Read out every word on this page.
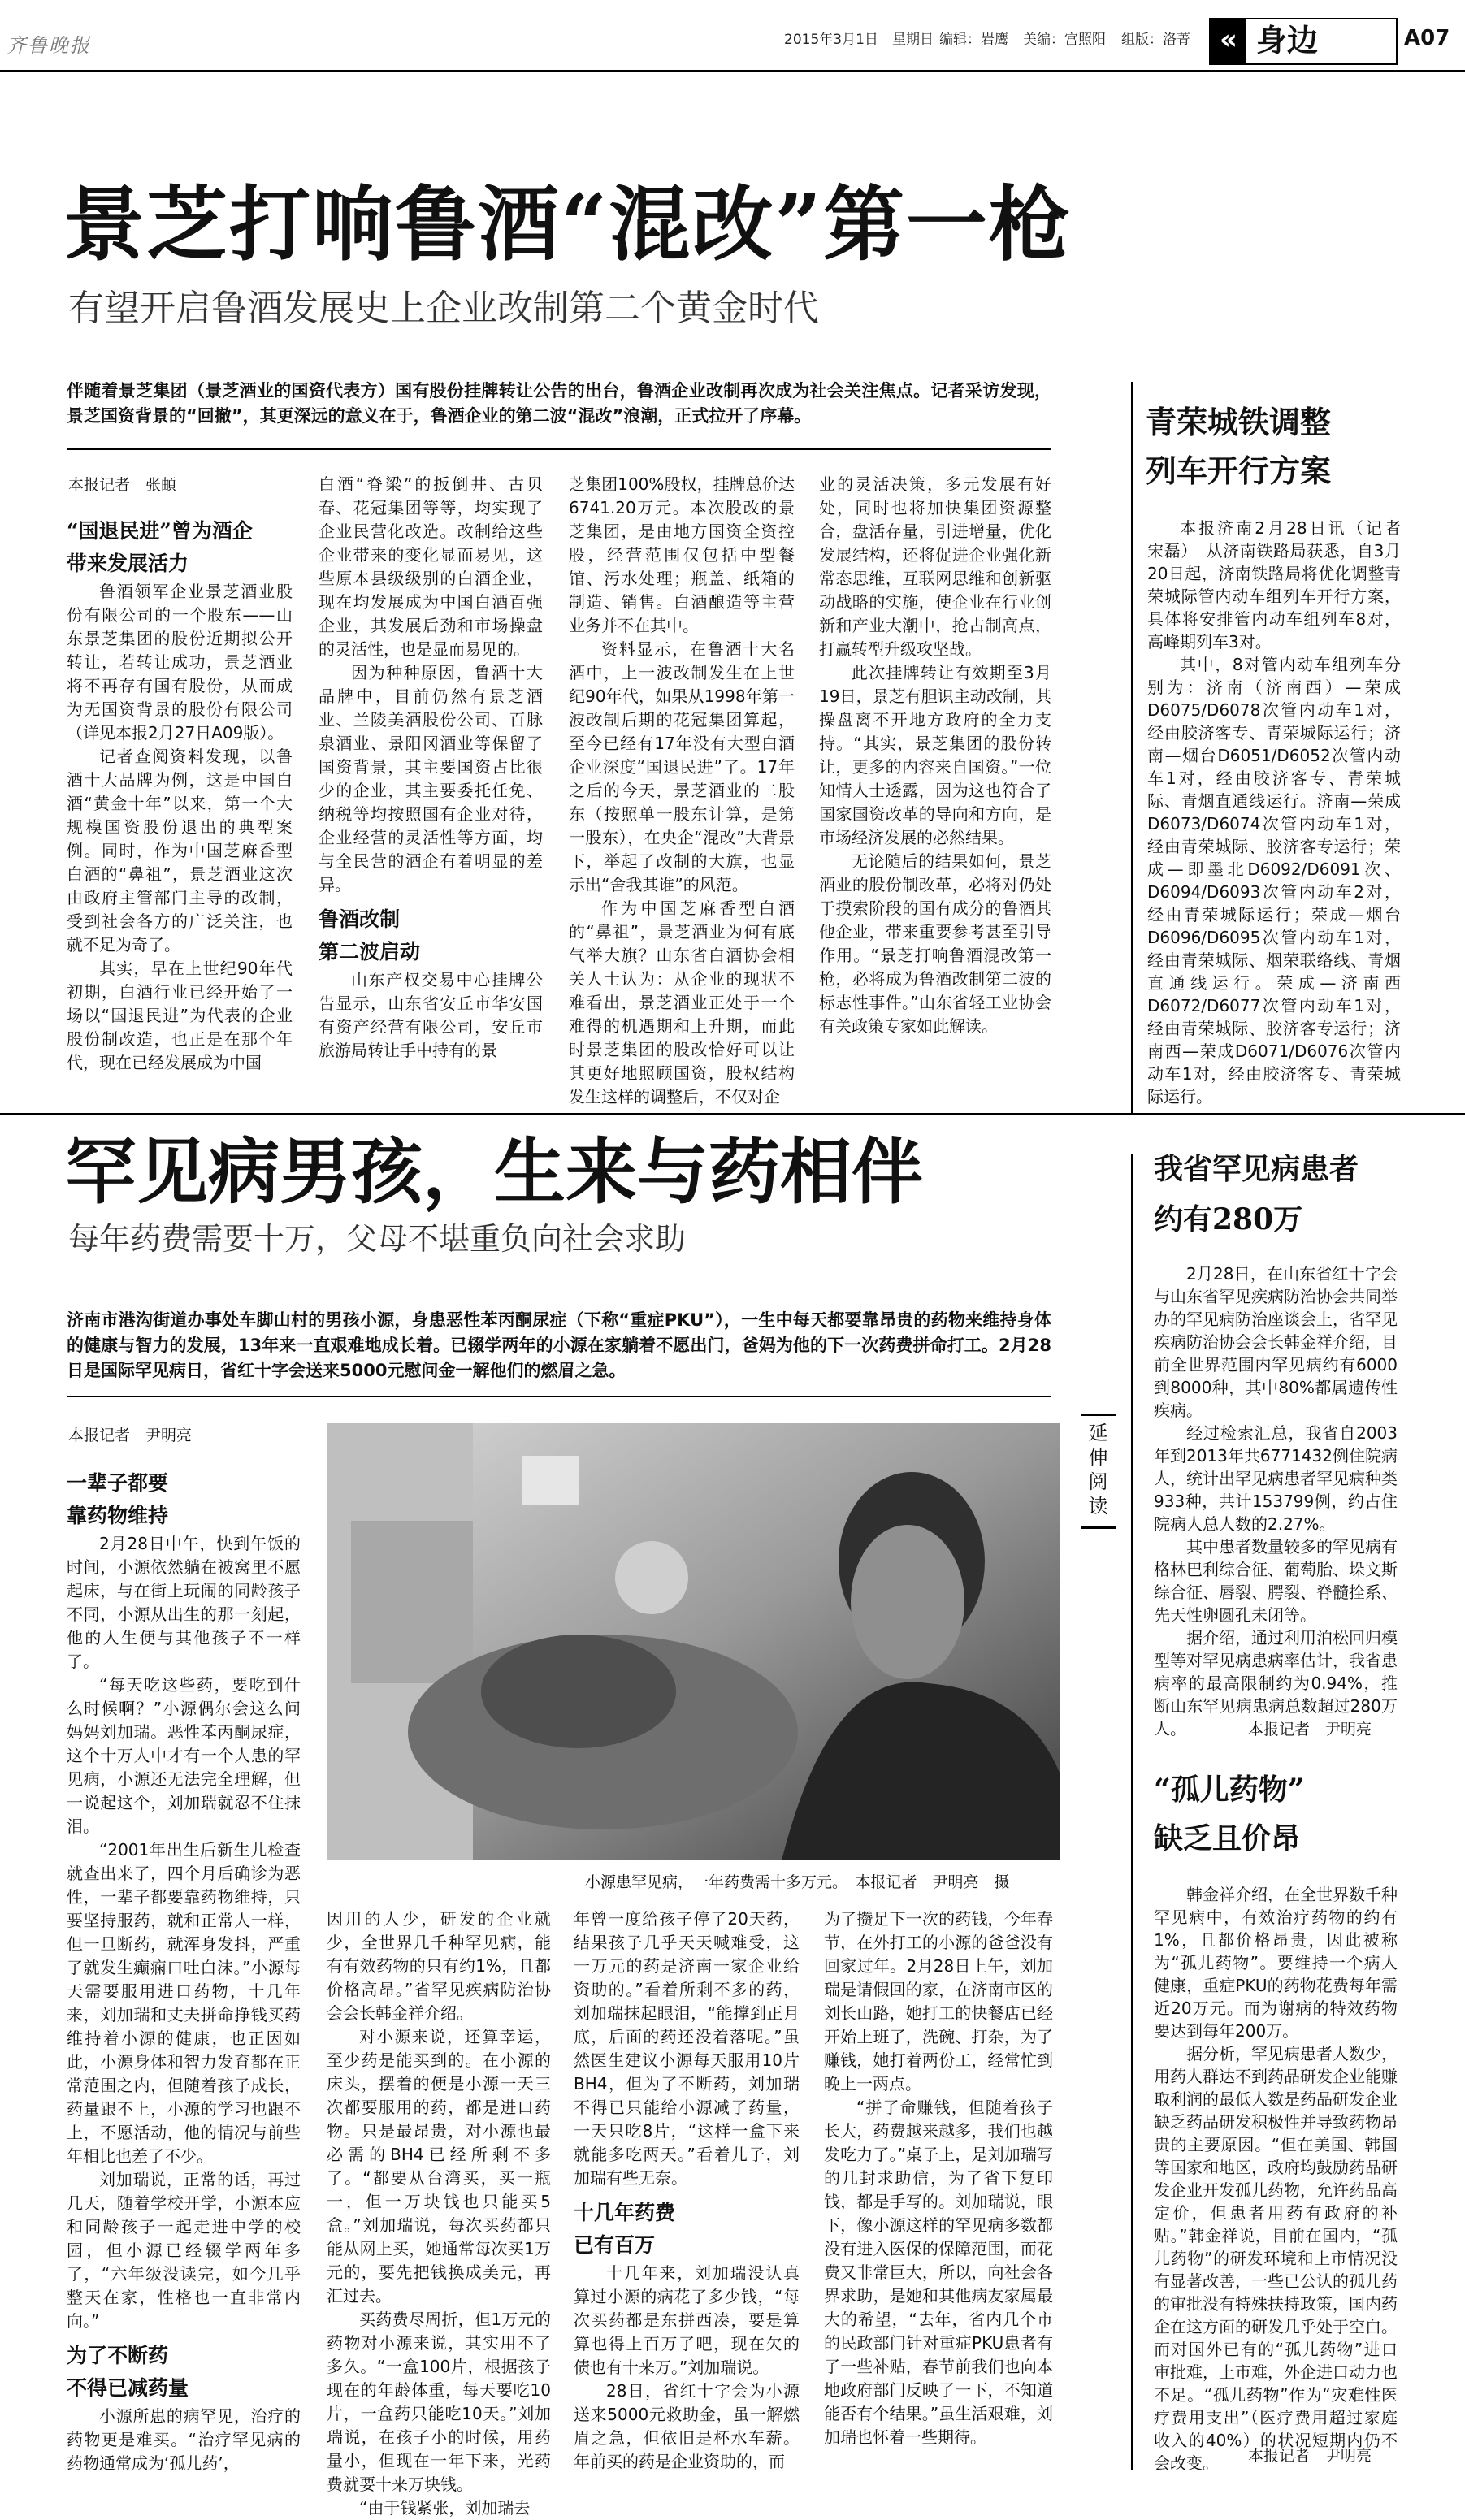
齐鲁晚报	2015年3月1日 星期日 编辑：岩鹰 美编：宫照阳 组版：洛菁	« 身边	A07
景芝打响鲁酒“混改”第一枪
有望开启鲁酒发展史上企业改制第二个黄金时代
伴随着景芝集团（景芝酒业的国资代表方）国有股份挂牌转让公告的出台，鲁酒企业改制再次成为社会关注焦点。记者采访发现，景芝国资背景的“回撤”，其更深远的意义在于，鲁酒企业的第二波“混改”浪潮，正式拉开了序幕。
本报记者　张頔

“国退民进”曾为酒企

带来发展活力

鲁酒领军企业景芝酒业股份有限公司的一个股东——山东景芝集团的股份近期拟公开转让，若转让成功，景芝酒业将不再存有国有股份，从而成为无国资背景的股份有限公司（详见本报2月27日A09版）。

记者查阅资料发现，以鲁酒十大品牌为例，这是中国白酒“黄金十年”以来，第一个大规模国资股份退出的典型案例。同时，作为中国芝麻香型白酒的“鼻祖”，景芝酒业这次由政府主管部门主导的改制，受到社会各方的广泛关注，也就不足为奇了。

其实，早在上世纪90年代初期，白酒行业已经开始了一场以“国退民进”为代表的企业股份制改造，也正是在那个年代，现在已经发展成为中国

白酒“脊梁”的扳倒井、古贝春、花冠集团等等，均实现了企业民营化改造。改制给这些企业带来的变化显而易见，这些原本县级级别的白酒企业，现在均发展成为中国白酒百强企业，其发展后劲和市场操盘的灵活性，也是显而易见的。

因为种种原因，鲁酒十大品牌中，目前仍然有景芝酒业、兰陵美酒股份公司、百脉泉酒业、景阳冈酒业等保留了国资背景，其主要国资占比很少的企业，其主要委托任免、纳税等均按照国有企业对待，企业经营的灵活性等方面，均与全民营的酒企有着明显的差异。

鲁酒改制

第二波启动

山东产权交易中心挂牌公告显示，山东省安丘市华安国有资产经营有限公司，安丘市旅游局转让手中持有的景

芝集团100%股权，挂牌总价达6741.20万元。本次股改的景芝集团，是由地方国资全资控股，经营范围仅包括中型餐馆、污水处理；瓶盖、纸箱的制造、销售。白酒酿造等主营业务并不在其中。

资料显示，在鲁酒十大名酒中，上一波改制发生在上世纪90年代，如果从1998年第一波改制后期的花冠集团算起，至今已经有17年没有大型白酒企业深度“国退民进”了。17年之后的今天，景芝酒业的二股东（按照单一股东计算，是第一股东），在央企“混改”大背景下，举起了改制的大旗，也显示出“舍我其谁”的风范。

作为中国芝麻香型白酒的“鼻祖”，景芝酒业为何有底气举大旗？山东省白酒协会相关人士认为：从企业的现状不难看出，景芝酒业正处于一个难得的机遇期和上升期，而此时景芝集团的股改恰好可以让其更好地照顾国资，股权结构发生这样的调整后，不仅对企

业的灵活决策，多元发展有好处，同时也将加快集团资源整合，盘活存量，引进增量，优化发展结构，还将促进企业强化新常态思维，互联网思维和创新驱动战略的实施，使企业在行业创新和产业大潮中，抢占制高点，打赢转型升级攻坚战。

此次挂牌转让有效期至3月19日，景芝有胆识主动改制，其操盘离不开地方政府的全力支持。“其实，景芝集团的股份转让，更多的内容来自国资。”一位知情人士透露，因为这也符合了国家国资改革的导向和方向，是市场经济发展的必然结果。

无论随后的结果如何，景芝酒业的股份制改革，必将对仍处于摸索阶段的国有成分的鲁酒其他企业，带来重要参考甚至引导作用。“景芝打响鲁酒混改第一枪，必将成为鲁酒改制第二波的标志性事件。”山东省轻工业协会有关政策专家如此解读。

青荣城铁调整
列车开行方案

本报济南2月28日讯（记者　宋磊）　从济南铁路局获悉，自3月20日起，济南铁路局将优化调整青荣城际管内动车组列车开行方案，具体将安排管内动车组列车8对，高峰期列车3对。

其中，8对管内动车组列车分别为：济南（济南西）—荣成D6075/D6078次管内动车1对，经由胶济客专、青荣城际运行；济南—烟台D6051/D6052次管内动车1对，经由胶济客专、青荣城际、青烟直通线运行。济南—荣成D6073/D6074次管内动车1对，经由青荣城际、胶济客专运行；荣成—即墨北D6092/D6091次、D6094/D6093次管内动车2对，经由青荣城际运行；荣成—烟台D6096/D6095次管内动车1对，经由青荣城际、烟荣联络线、青烟直通线运行。荣成—济南西D6072/D6077次管内动车1对，经由青荣城际、胶济客专运行；济南西—荣成D6071/D6076次管内动车1对，经由胶济客专、青荣城际运行。

罕见病男孩，生来与药相伴
每年药费需要十万，父母不堪重负向社会求助
济南市港沟街道办事处车脚山村的男孩小源，身患恶性苯丙酮尿症（下称“重症PKU”），一生中每天都要靠昂贵的药物来维持身体的健康与智力的发展，13年来一直艰难地成长着。已辍学两年的小源在家躺着不愿出门，爸妈为他的下一次药费拼命打工。2月28日是国际罕见病日，省红十字会送来5000元慰问金一解他们的燃眉之急。
本报记者　尹明亮
小源患罕见病，一年药费需十多万元。　本报记者　尹明亮　摄

一辈子都要

靠药物维持

2月28日中午，快到午饭的时间，小源依然躺在被窝里不愿起床，与在街上玩闹的同龄孩子不同，小源从出生的那一刻起，他的人生便与其他孩子不一样了。

“每天吃这些药，要吃到什么时候啊？”小源偶尔会这么问妈妈刘加瑞。恶性苯丙酮尿症，这个十万人中才有一个人患的罕见病，小源还无法完全理解，但一说起这个，刘加瑞就忍不住抹泪。

“2001年出生后新生儿检查就查出来了，四个月后确诊为恶性，一辈子都要靠药物维持，只要坚持服药，就和正常人一样，但一旦断药，就浑身发抖，严重了就发生癫痫口吐白沫。”小源每天需要服用进口药物，十几年来，刘加瑞和丈夫拼命挣钱买药维持着小源的健康，也正因如此，小源身体和智力发育都在正常范围之内，但随着孩子成长，药量跟不上，小源的学习也跟不上，不愿活动，他的情况与前些年相比也差了不少。

刘加瑞说，正常的话，再过几天，随着学校开学，小源本应和同龄孩子一起走进中学的校园，但小源已经辍学两年多了，“六年级没读完，如今几乎整天在家，性格也一直非常内向。”

为了不断药

不得已减药量

小源所患的病罕见，治疗的药物更是难买。“治疗罕见病的药物通常成为‘孤儿药’，

因用的人少，研发的企业就少，全世界几千种罕见病，能有有效药物的只有约1%，且都价格高昂。”省罕见疾病防治协会会长韩金祥介绍。

对小源来说，还算幸运，至少药是能买到的。在小源的床头，摆着的便是小源一天三次都要服用的药，都是进口药物。只是最昂贵，对小源也最必需的BH4已经所剩不多了。“都要从台湾买，买一瓶一，但一万块钱也只能买5盒。”刘加瑞说，每次买药都只能从网上买，她通常每次买1万元的，要先把钱换成美元，再汇过去。

买药费尽周折，但1万元的药物对小源来说，其实用不了多久。“一盒100片，根据孩子现在的年龄体重，每天要吃10片，一盒药只能吃10天。”刘加瑞说，在孩子小的时候，用药量小，但现在一年下来，光药费就要十来万块钱。

“由于钱紧张，刘加瑞去

年曾一度给孩子停了20天药，结果孩子几乎天天喊难受，这一万元的药是济南一家企业给资助的。”看着所剩不多的药，刘加瑞抹起眼泪，“能撑到正月底，后面的药还没着落呢。”虽然医生建议小源每天服用10片BH4，但为了不断药，刘加瑞不得已只能给小源减了药量，一天只吃8片，“这样一盒下来就能多吃两天。”看着儿子，刘加瑞有些无奈。

十几年药费

已有百万

十几年来，刘加瑞没认真算过小源的病花了多少钱，“每次买药都是东拼西凑，要是算算也得上百万了吧，现在欠的债也有十来万。”刘加瑞说。

28日，省红十字会为小源送来5000元救助金，虽一解燃眉之急，但依旧是杯水车薪。年前买的药是企业资助的，而

为了攒足下一次的药钱，今年春节，在外打工的小源的爸爸没有回家过年。2月28日上午，刘加瑞是请假回的家，在济南市区的刘长山路，她打工的快餐店已经开始上班了，洗碗、打杂，为了赚钱，她打着两份工，经常忙到晚上一两点。

“拼了命赚钱，但随着孩子长大，药费越来越多，我们也越发吃力了。”桌子上，是刘加瑞写的几封求助信，为了省下复印钱，都是手写的。刘加瑞说，眼下，像小源这样的罕见病多数都没有进入医保的保障范围，而花费又非常巨大，所以，向社会各界求助，是她和其他病友家属最大的希望，“去年，省内几个市的民政部门针对重症PKU患者有了一些补贴，春节前我们也向本地政府部门反映了一下，不知道能否有个结果。”虽生活艰难，刘加瑞也怀着一些期待。

延伸阅读
我省罕见病患者
约有280万

2月28日，在山东省红十字会与山东省罕见疾病防治协会共同举办的罕见病防治座谈会上，省罕见疾病防治协会会长韩金祥介绍，目前全世界范围内罕见病约有6000到8000种，其中80%都属遗传性疾病。

经过检索汇总，我省自2003年到2013年共6771432例住院病人，统计出罕见病患者罕见病种类933种，共计153799例，约占住院病人总人数的2.27%。

其中患者数量较多的罕见病有格林巴利综合征、葡萄胎、垛文斯综合征、唇裂、腭裂、脊髓拴系、先天性卵圆孔未闭等。

据介绍，通过利用泊松回归模型等对罕见病患病率估计，我省患病率的最高限制约为0.94%，推断山东罕见病患病总数超过280万人。	本报记者　尹明亮
“孤儿药物”
缺乏且价昂

韩金祥介绍，在全世界数千种罕见病中，有效治疗药物的约有1%，且都价格昂贵，因此被称为“孤儿药物”。要维持一个病人健康，重症PKU的药物花费每年需近20万元。而为谢病的特效药物要达到每年200万。

据分析，罕见病患者人数少，用药人群达不到药品研发企业能赚取利润的最低人数是药品研发企业缺乏药品研发积极性并导致药物昂贵的主要原因。“但在美国、韩国等国家和地区，政府均鼓励药品研发企业开发孤儿药物，允许药品高定价，但患者用药有政府的补贴。”韩金祥说，目前在国内，“孤儿药物”的研发环境和上市情况没有显著改善，一些已公认的孤儿药的审批没有特殊扶持政策，国内药企在这方面的研发几乎处于空白。而对国外已有的“孤儿药物”进口审批难，上市难，外企进口动力也不足。“孤儿药物”作为“灾难性医疗费用支出”（医疗费用超过家庭收入的40%）的状况短期内仍不会改变。	本报记者　尹明亮
